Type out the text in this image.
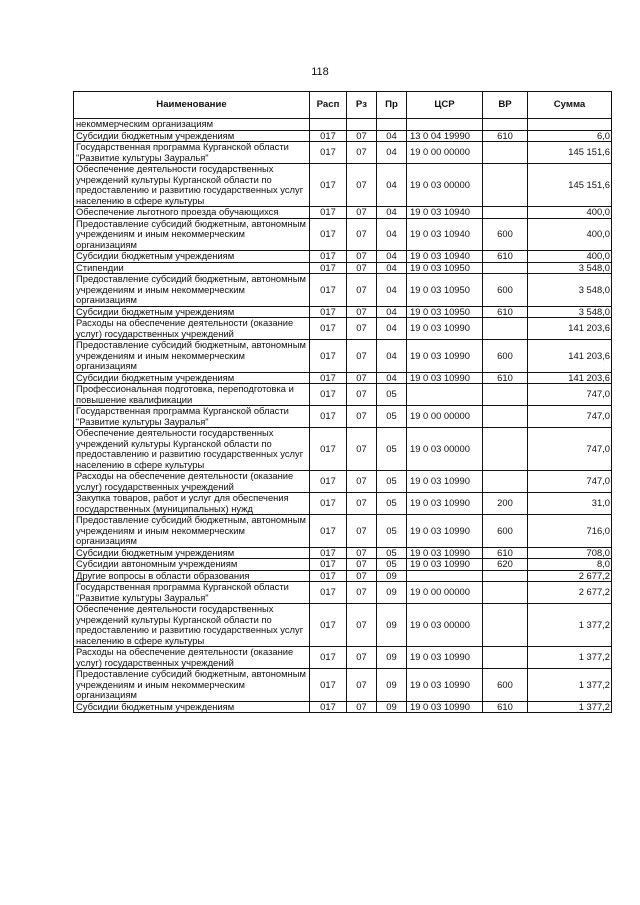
118
Наименование	Расп	Рз	Пр	ЦСР	ВР	Сумма
некоммерческим организациям						
Субсидии бюджетным учреждениям	017	07	04	13 0 04 19990	610	6,0
Государственная программа Курганской области "Развитие культуры Зауралья"	017	07	04	19 0 00 00000		145 151,6
Обеспечение деятельности государственных учреждений культуры Курганской области по предоставлению и развитию государственных услуг населению в сфере культуры	017	07	04	19 0 03 00000		145 151,6
Обеспечение льготного проезда обучающихся	017	07	04	19 0 03 10940		400,0
Предоставление субсидий бюджетным, автономным учреждениям и иным некоммерческим организациям	017	07	04	19 0 03 10940	600	400,0
Субсидии бюджетным учреждениям	017	07	04	19 0 03 10940	610	400,0
Стипендии	017	07	04	19 0 03 10950		3 548,0
Предоставление субсидий бюджетным, автономным учреждениям и иным некоммерческим организациям	017	07	04	19 0 03 10950	600	3 548,0
Субсидии бюджетным учреждениям	017	07	04	19 0 03 10950	610	3 548,0
Расходы на обеспечение деятельности (оказание услуг) государственных учреждений	017	07	04	19 0 03 10990		141 203,6
Предоставление субсидий бюджетным, автономным учреждениям и иным некоммерческим организациям	017	07	04	19 0 03 10990	600	141 203,6
Субсидии бюджетным учреждениям	017	07	04	19 0 03 10990	610	141 203,6
Профессиональная подготовка, переподготовка и повышение квалификации	017	07	05			747,0
Государственная программа Курганской области "Развитие культуры Зауралья"	017	07	05	19 0 00 00000		747,0
Обеспечение деятельности государственных учреждений культуры Курганской области по предоставлению и развитию государственных услуг населению в сфере культуры	017	07	05	19 0 03 00000		747,0
Расходы на обеспечение деятельности (оказание услуг) государственных учреждений	017	07	05	19 0 03 10990		747,0
Закупка товаров, работ и услуг для обеспечения государственных (муниципальных) нужд	017	07	05	19 0 03 10990	200	31,0
Предоставление субсидий бюджетным, автономным учреждениям и иным некоммерческим организациям	017	07	05	19 0 03 10990	600	716,0
Субсидии бюджетным учреждениям	017	07	05	19 0 03 10990	610	708,0
Субсидии автономным учреждениям	017	07	05	19 0 03 10990	620	8,0
Другие вопросы в области образования	017	07	09			2 677,2
Государственная программа Курганской области "Развитие культуры Зауралья"	017	07	09	19 0 00 00000		2 677,2
Обеспечение деятельности государственных учреждений культуры Курганской области по предоставлению и развитию государственных услуг населению в сфере культуры	017	07	09	19 0 03 00000		1 377,2
Расходы на обеспечение деятельности (оказание услуг) государственных учреждений	017	07	09	19 0 03 10990		1 377,2
Предоставление субсидий бюджетным, автономным учреждениям и иным некоммерческим организациям	017	07	09	19 0 03 10990	600	1 377,2
Субсидии бюджетным учреждениям	017	07	09	19 0 03 10990	610	1 377,2
